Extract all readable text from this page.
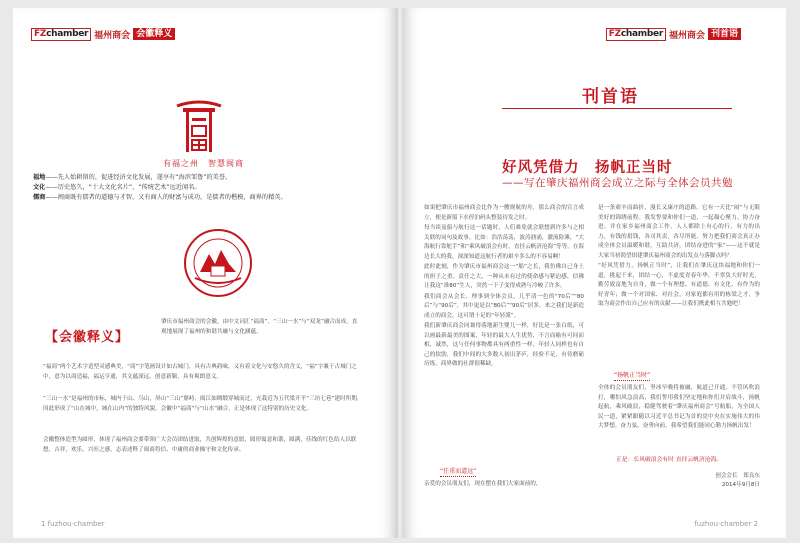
FZchamber 福州商会 会徽释义
有福之州　智慧闽商
福地——先人始耕留的，促进经济文化发展，遂享有“海滨邹鲁”的美誉。
文化——历史悠久，“十大文化名片”、“传统艺术”远近闻名。
儒商——闽商既有儒者的道德与才智，又有商人的财富与成功，是儒者的楷模，商界的精英。
【会徽释义】
肇庆市福州商会的会徽，由中文词汇“福商”、“三山一水”与“双龙”融合而成，直观地展现了福州的和谐共融与文化涵蕴。
“福商”两个艺术字造型灵感典美，“商”字笔画设计如古城门，具有古典韵味，又有着文化与安悠久的含义，“福”字襄于古城门之中，意为以商造福，福运亨通，其文蕴深远，创意新颖，具有爽朗意义。
“三山一水”是福州的市标，城内于山、乌山，屏山“三山”鼎峙，闽江如绸缎穿城而过，充栽近为五代梁开平“三坊七巷”建时所期，因此形成了“山在城中，城在山内”的独特风貌。会徽中“福商”与“山水”融合，正是体现了这特别的历史文化。
会徽整体造型为圆形，体现了福州商会要带领广大会员团结进取，共创辉煌的意愿，圆形寓意和谐，圆满，佳线的红色给人以联想，吉祥，欢乐，兴旺之感，志表述释了闽商将信、中庸的商业操守和文化传承。
1 fuzhou·chamber
FZchamber 福州商会 刊首语
刊首语
好风凭借力　扬帆正当时
——写在肇庆福州商会成立之际与全体会员共勉

如果把肇庆市福州商会比作为一艘规航的舟，那么商会的宣言成立，便是新船下水停泊码头整装待发之时。

每当谈及船与航行这一话题时，人们难免就会联想到许多与之相关联的词句及故事。比如：浩浩荡荡，波涛汹涌，激流险滩，“大海航行靠舵手”和“乘风破浪会有时，直挂云帆济沧海”等等。在海边长大的我，深深知道这航行者的艰辛多么的不容易啊！

此时此刻，作为肇庆市福州商会这一“船”之长，我仿佛自己身上的担子之重、责任之大，一种从未有过的使命感与紧迫感，信佛让我这“准80”生人，突然一下子变得成熟与冷峻了许多。

我们商会从会长、理事到全体会员，几乎清一色的“70后”“80后”与“90后”，其中更是以“80后”“90后”居多，来之我们是新造成立的商会，这可谓十足的“年轻派”。

我们新肇庆商会同兼得落地新生婴儿一样，好比是一张白纸，可以画最新最美的图案，年轻的最大人生优势，不言而喻有可同而相，诚然，这与任何事物都具有两重性一样，年轻人同样也有自己的软肋，我们中间的大多数人初出茅庐，经验不足，有待磨砺历练，商界做的社群很稀缺。

“任重而道远”
亲爱的会员朋友们，现在摆在我们大家面前的，

是一条艰辛而曲折，漫长又康庄的道路。它有一天比“闹”与无限美好的锦绣前程。我发誓要和你们一道，一起凝心聚力，协力奋进。并在家乡福州商会工作，人人都除上有心的行，有力的出力，有钱的捐钱，各司其责，各尽所能。努力把我们商会真正办成全体会员温暖和谐，互助共济，团结奋进的“家”——这不就是大家当初渴望组建肇庆福州商会的出发点与落脚点吗？

“好风凭借力，扬帆正当时”，让我们在肇庆这块福地和你们一道，挑起千来，团结一心，不虚度青春年华，不辜负大好时光，勤劳致富地为自身，做一个有理想、有道德、有文化、有作为的好青年；做一个对国家、对社会，对家庭都有用的栋梁之才，争取为商会作出自己应有的贡献——让我们携此相互共勉吧！

“扬帆正当时”
全体的会员朋友们，坚冰早晚将被融，航道已开通，不管风吹浪打，哪怕风急浪高，我们誓用我们坚定地和你们并肩战斗，扬帆起航，乘风破浪，稳健驾驶着“肇庆福州商会”号航船，为全国人民一道，紧紧跟随以习近平总书记为首的党中央在实施伟大的伟大梦想。奋力弦，奋勇向前，我希望我们能同心勤力扬帆出发！
正是：长风破浪会有时 直挂云帆济沧海。
创会会长　郑良东
2014年9月8日
fuzhou·chamber 2
